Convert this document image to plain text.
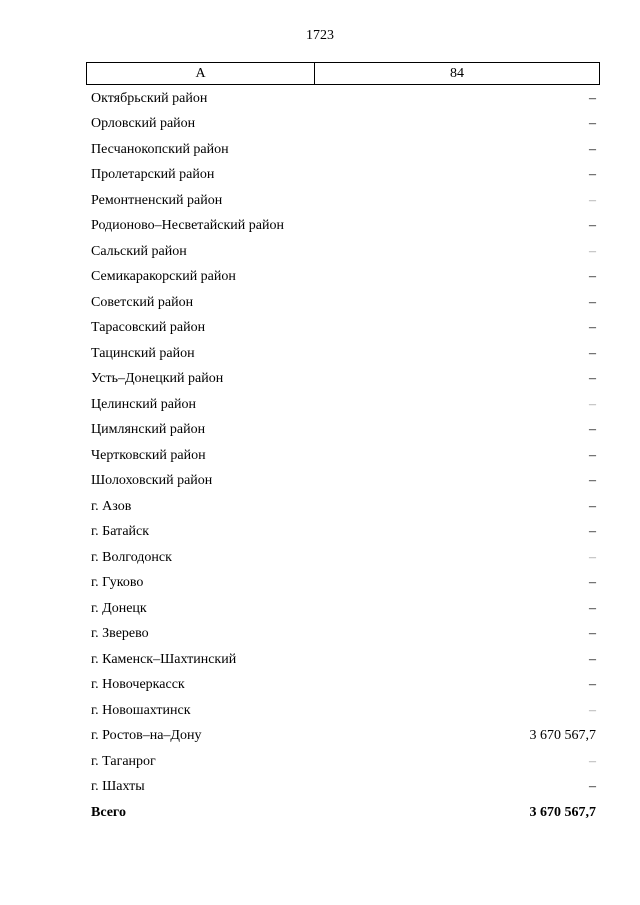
1723
А	84
Октябрьский район	–
Орловский район	–
Песчанокопский район	–
Пролетарский район	–
Ремонтненский район	–
Родионово–Несветайский район	–
Сальский район	–
Семикаракорский район	–
Советский район	–
Тарасовский район	–
Тацинский район	–
Усть–Донецкий район	–
Целинский район	–
Цимлянский район	–
Чертковский район	–
Шолоховский район	–
г. Азов	–
г. Батайск	–
г. Волгодонск	–
г. Гуково	–
г. Донецк	–
г. Зверево	–
г. Каменск–Шахтинский	–
г. Новочеркасск	–
г. Новошахтинск	–
г. Ростов–на–Дону	3 670 567,7
г. Таганрог	–
г. Шахты	–
Всего	3 670 567,7
